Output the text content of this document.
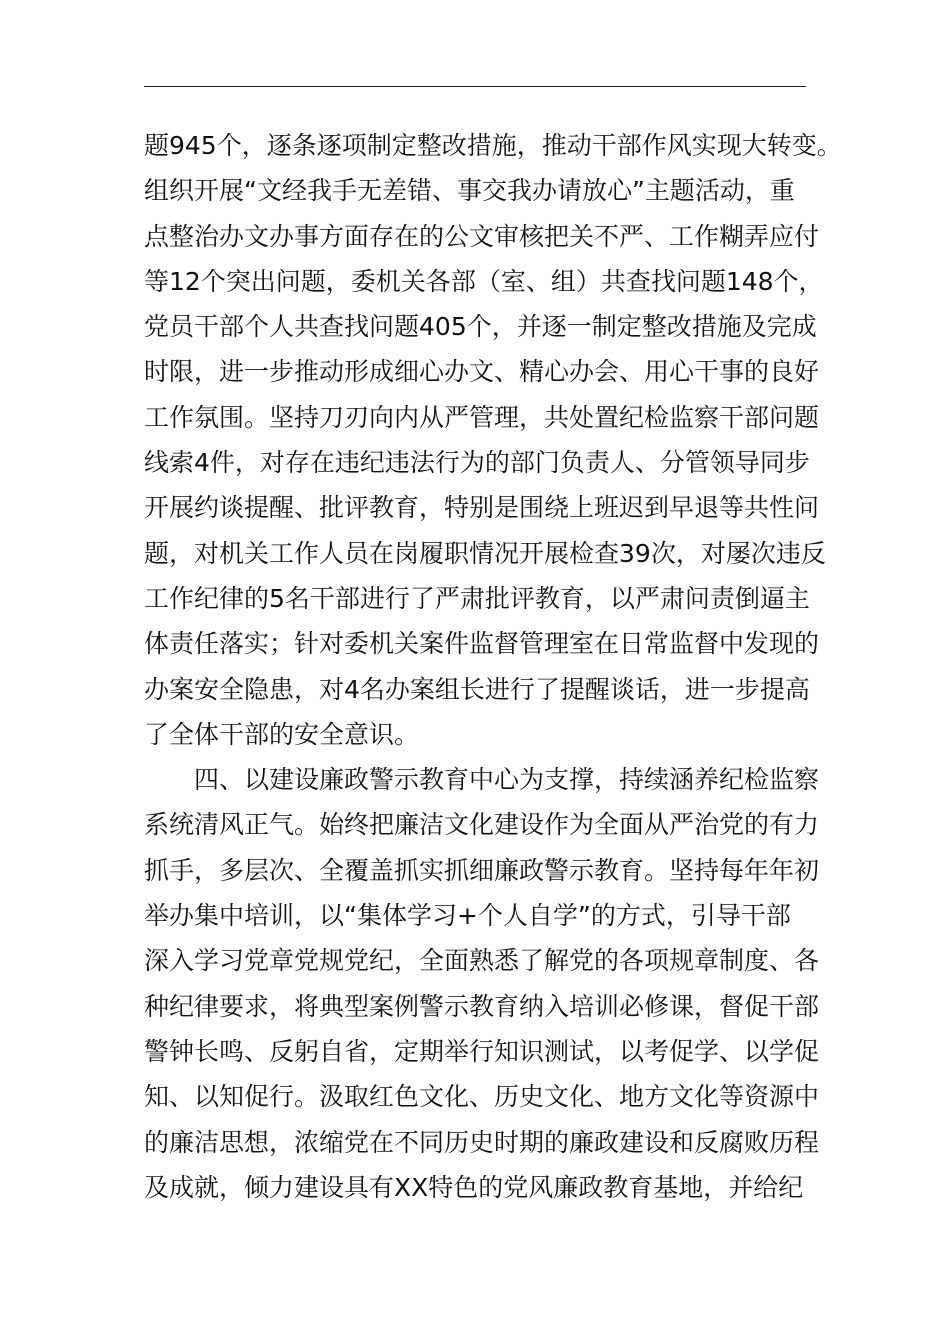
题945个，逐条逐项制定整改措施，推动干部作风实现大转变。
组织开展“文经我手无差错、事交我办请放心”主题活动，重
点整治办文办事方面存在的公文审核把关不严、工作糊弄应付
等12个突出问题，委机关各部（室、组）共查找问题148个，
党员干部个人共查找问题405个，并逐一制定整改措施及完成
时限，进一步推动形成细心办文、精心办会、用心干事的良好
工作氛围。坚持刀刃向内从严管理，共处置纪检监察干部问题
线索4件，对存在违纪违法行为的部门负责人、分管领导同步
开展约谈提醒、批评教育，特别是围绕上班迟到早退等共性问
题，对机关工作人员在岗履职情况开展检查39次，对屡次违反
工作纪律的5名干部进行了严肃批评教育，以严肃问责倒逼主
体责任落实；针对委机关案件监督管理室在日常监督中发现的
办案安全隐患，对4名办案组长进行了提醒谈话，进一步提高
了全体干部的安全意识。
四、以建设廉政警示教育中心为支撑，持续涵养纪检监察
系统清风正气。始终把廉洁文化建设作为全面从严治党的有力
抓手，多层次、全覆盖抓实抓细廉政警示教育。坚持每年年初
举办集中培训，以“集体学习+个人自学”的方式，引导干部
深入学习党章党规党纪，全面熟悉了解党的各项规章制度、各
种纪律要求，将典型案例警示教育纳入培训必修课，督促干部
警钟长鸣、反躬自省，定期举行知识测试，以考促学、以学促
知、以知促行。汲取红色文化、历史文化、地方文化等资源中
的廉洁思想，浓缩党在不同历史时期的廉政建设和反腐败历程
及成就，倾力建设具有XX特色的党风廉政教育基地，并给纪
